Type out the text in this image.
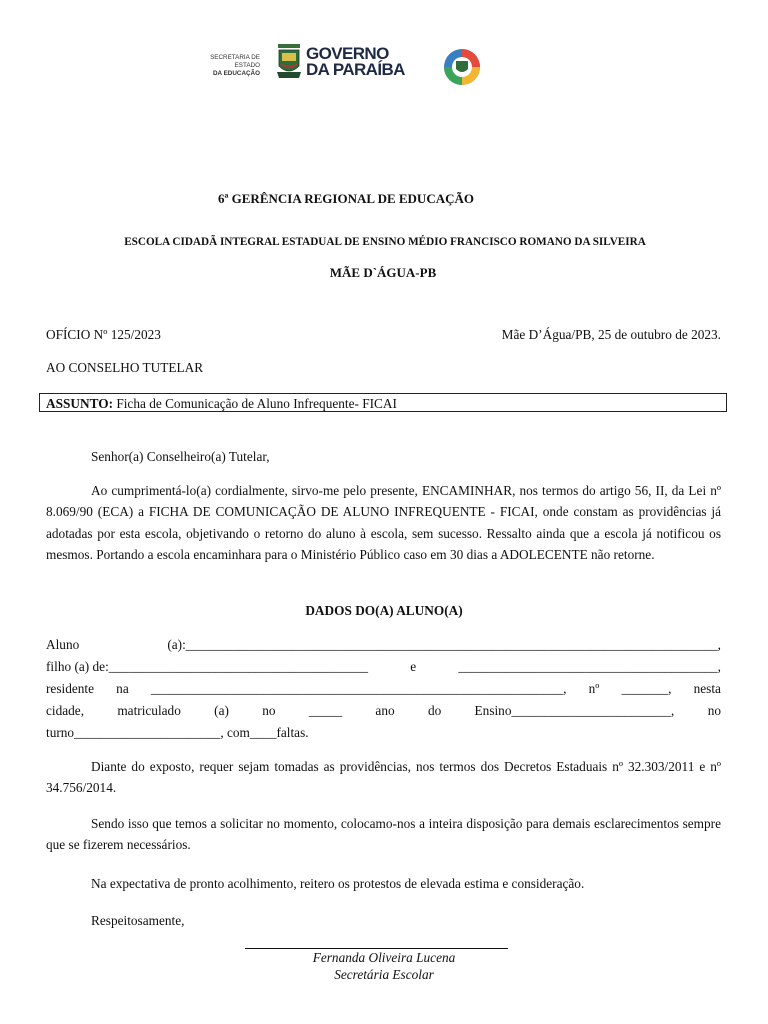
SECRETARIA DE ESTADO
DA EDUCAÇÃO
GOVERNO
DA PARAÍBA
6ª GERÊNCIA REGIONAL DE EDUCAÇÃO
ESCOLA CIDADÃ INTEGRAL ESTADUAL DE ENSINO MÉDIO FRANCISCO ROMANO DA SILVEIRA
MÃE D`ÁGUA-PB
OFÍCIO Nº 125/2023	Mãe D’Água/PB, 25 de outubro de 2023.
AO CONSELHO TUTELAR
ASSUNTO: Ficha de Comunicação de Aluno Infrequente- FICAI
Senhor(a) Conselheiro(a) Tutelar,
Ao cumprimentá-lo(a) cordialmente, sirvo-me pelo presente, ENCAMINHAR, nos termos do artigo 56, II, da Lei nº 8.069/90 (ECA) a FICHA DE COMUNICAÇÃO DE ALUNO INFREQUENTE - FICAI, onde constam as providências já adotadas por esta escola, objetivando o retorno do aluno à escola, sem sucesso. Ressalto ainda que a escola já notificou os mesmos. Portando a escola encaminhara para o Ministério Público caso em 30 dias a ADOLECENTE não retorne.
DADOS DO(A) ALUNO(A)
Aluno	(a):________________________________________________________________________________,
filho (a) de:_______________________________________	e	_______________________________________,
residente na ______________________________________________________________, nº _______, nesta
cidade,	matriculado	(a)	no	_____	ano	do	Ensino________________________,	no
turno______________________, com____faltas.
Diante do exposto, requer sejam tomadas as providências, nos termos dos Decretos Estaduais nº 32.303/2011 e nº 34.756/2014.
Sendo isso que temos a solicitar no momento, colocamo-nos a inteira disposição para demais esclarecimentos sempre que se fizerem necessários.
Na expectativa de pronto acolhimento, reitero os protestos de elevada estima e consideração.
Respeitosamente,
Fernanda Oliveira Lucena
Secretária Escolar
